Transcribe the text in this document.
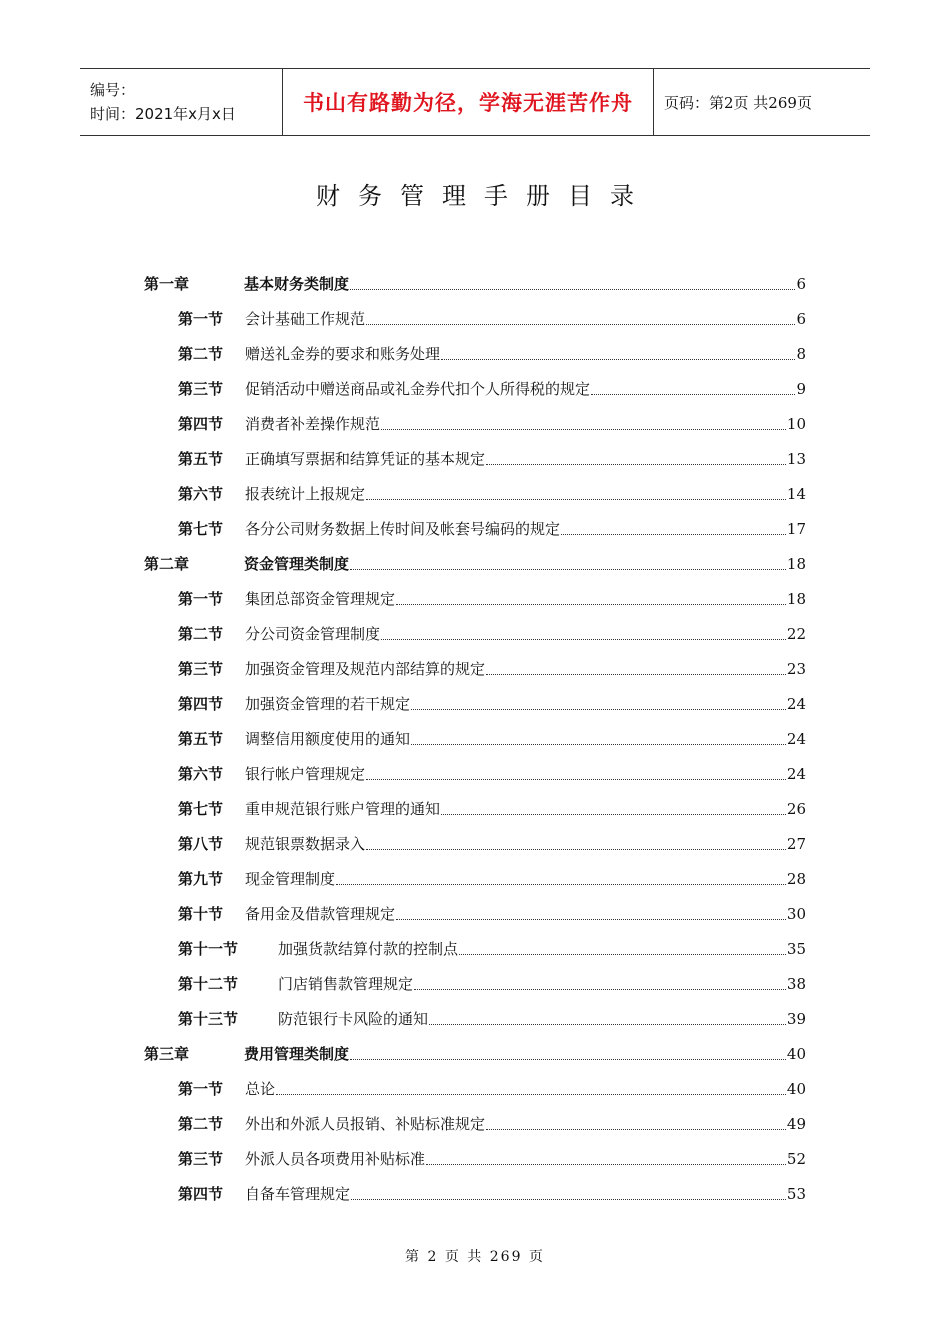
编号：
时间：2021年x月x日	书山有路勤为径，学海无涯苦作舟	页码：第2页 共269页
财务管理手册目录
第一章	基本财务类制度	6
第一节	会计基础工作规范	6
第二节	赠送礼金券的要求和账务处理	8
第三节	促销活动中赠送商品或礼金券代扣个人所得税的规定	9
第四节	消费者补差操作规范	10
第五节	正确填写票据和结算凭证的基本规定	13
第六节	报表统计上报规定	14
第七节	各分公司财务数据上传时间及帐套号编码的规定	17
第二章	资金管理类制度	18
第一节	集团总部资金管理规定	18
第二节	分公司资金管理制度	22
第三节	加强资金管理及规范内部结算的规定	23
第四节	加强资金管理的若干规定	24
第五节	调整信用额度使用的通知	24
第六节	银行帐户管理规定	24
第七节	重申规范银行账户管理的通知	26
第八节	规范银票数据录入	27
第九节	现金管理制度	28
第十节	备用金及借款管理规定	30
第十一节	加强货款结算付款的控制点	35
第十二节	门店销售款管理规定	38
第十三节	防范银行卡风险的通知	39
第三章	费用管理类制度	40
第一节	总论	40
第二节	外出和外派人员报销、补贴标准规定	49
第三节	外派人员各项费用补贴标准	52
第四节	自备车管理规定	53
第 2 页 共 269 页
